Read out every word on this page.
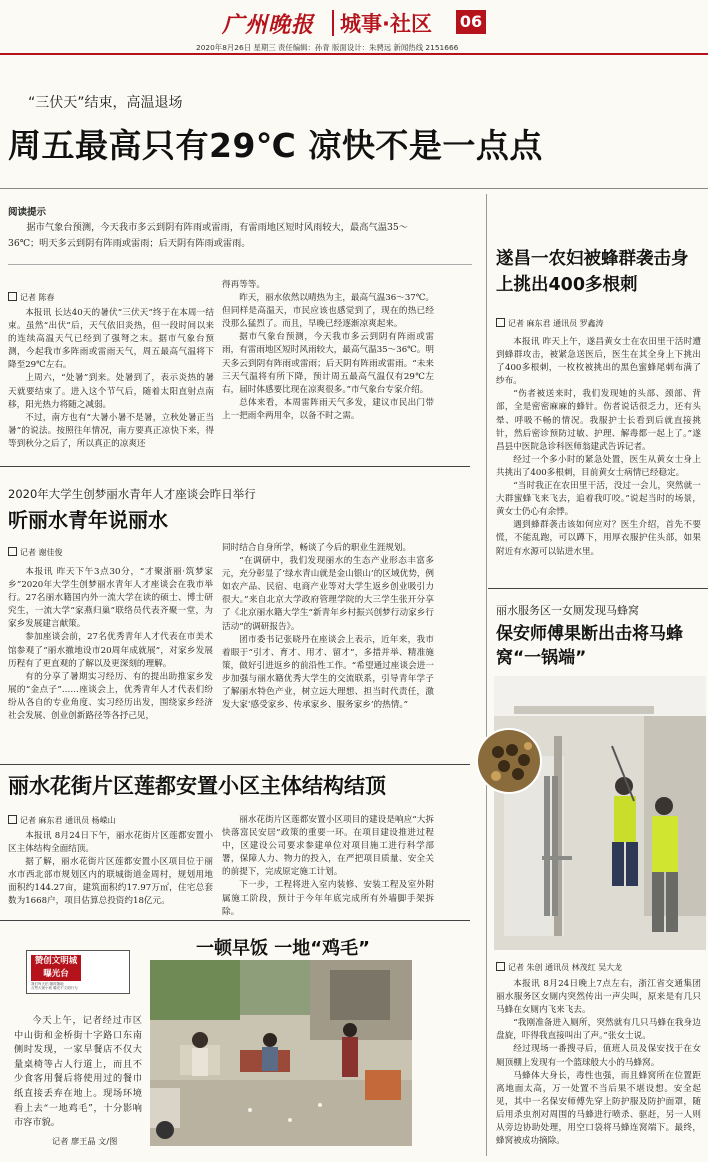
广州晚报 城事·社区 06
2020年8月26日 星期三 责任编辑：孙青 版面设计：朱骋远 新闻热线 2151666
“三伏天”结束，高温退场
周五最高只有29℃ 凉快不是一点点
阅读提示
据市气象台预测，今天我市多云到阴有阵雨或雷雨，有雷雨地区短时风雨较大，最高气温35～36℃；明天多云到阴有阵雨或雷雨；后天阴有阵雨或雷雨。
记者 陈春

本报讯 长达40天的暑伏“三伏天”终于在本周一结束。虽然“出伏”后，天气依旧炎热，但一段时间以来的连续高温天气已经到了强弩之末。据市气象台预测，今起我市多阵雨或雷雨天气，周五最高气温将下降至29℃左右。

上周六，“处暑”到来。处暑到了，表示炎热的暑天就要结束了。进入这个节气后，随着太阳直射点南移，阳光热力将随之减弱。

不过，南方也有“大暑小暑不是暑，立秋处暑正当暑”的说法。按照往年情况，南方要真正凉快下来，得等到秋分之后了，所以真正的凉爽还

得再等等。

昨天，丽水依然以晴热为主，最高气温36～37℃。但同样是高温天，市民应该也感觉到了，现在的热已经没那么猛烈了。而且，早晚已经逐渐凉爽起来。

据市气象台预测，今天我市多云到阴有阵雨或雷雨，有雷雨地区短时风雨较大，最高气温35～36℃。明天多云到阴有阵雨或雷雨；后天阴有阵雨或雷雨。“未来三天气温将有所下降，预计周五最高气温仅有29℃左右，届时体感要比现在凉爽很多。”市气象台专家介绍。

总体来看，本周雷阵雨天气多发，建议市民出门带上一把雨伞两用伞，以备不时之需。

2020年大学生创梦丽水青年人才座谈会昨日举行
听丽水青年说丽水
记者 谢佳俊

本报讯 昨天下午3点30分，“才聚浙丽·筑梦家乡”2020年大学生创梦丽水青年人才座谈会在我市举行。27名丽水籍国内外一流大学在读的硕士、博士研究生，一流大学“家燕归巢”联络员代表齐聚一堂，为家乡发展建言献策。

参加座谈会前，27名优秀青年人才代表在市美术馆参观了“丽水撤地设市20周年成就展”，对家乡发展历程有了更直观的了解以及更深刻的理解。

有的分享了暑期实习经历、有的提出助推家乡发展的“金点子”……座谈会上，优秀青年人才代表们纷纷从各自的专业角度、实习经历出发，围绕家乡经济社会发展、创业创新路径等各抒己见，

同时结合自身所学，畅谈了今后的职业生涯规划。

“在调研中，我们发现丽水的生态产业形态丰富多元，充分彰显了‘绿水青山就是金山银山’的区域优势，例如农产品、民宿、电商产业等对大学生返乡创业吸引力很大。”来自北京大学政府管理学院的大三学生张开分享了《北京丽水籍大学生“新青年乡村振兴创梦行动家乡行活动”的调研报告》。

团市委书记张晓丹在座谈会上表示，近年来，我市着眼于“引才、育才、用才、留才”，多措并举、精准施策，做好引进返乡的前沿性工作。“希望通过座谈会进一步加强与丽水籍优秀大学生的交流联系，引导青年学子了解丽水特色产业，树立远大理想、担当时代责任，激发大家‘感受家乡、传承家乡、服务家乡’的热情。”

丽水花街片区莲都安置小区主体结构结顶
记者 麻东君 通讯员 杨嵘山

本报讯 8月24日下午，丽水花街片区莲都安置小区主体结构全面结顶。

据了解，丽水花街片区莲都安置小区项目位于丽水市西北部市规划区内的联城街道金周村，规划用地面积约144.27亩，建筑面积约17.97万㎡，住宅总套数为1668户，项目估算总投资约18亿元。

丽水花街片区莲都安置小区项目的建设是响应“大拆快落富民安居”政策的重要一环。在项目建设推进过程中，区建设公司要求参建单位对项目施工进行科学部署，保障人力、物力的投入，在严把项目质量、安全关的前提下，完成原定施工计划。

下一步，工程将进入室内装修、安装工程及室外附属施工阶段，预计于今年年底完成所有外墙脚手架拆除。

赞创文明城曝光台
我们每天拍 随时随地
点赞大街小巷 曝光不文明行为
一顿早饭 一地“鸡毛”

今天上午，记者经过市区中山街和金桥街十字路口东南侧时发现，一家早餐店不仅大量桌椅等占人行道上，而且不少食客用餐后将使用过的餐巾纸直接丢弃在地上。现场环境看上去“一地鸡毛”，十分影响市容市貌。

记者 廖王晶 文/图
遂昌一农妇被蜂群袭击身上挑出400多根刺
记者 麻东君 通讯员 罗鑫涛

本报讯 昨天上午，遂昌黄女士在农田里干活时遭到蜂群攻击，被紧急送医后，医生在其全身上下挑出了400多根刺，一枚枚被挑出的黑色蜜蜂尾刺布满了纱布。

“伤者被送来时，我们发现她的头部、颈部、背部，全是密密麻麻的蜂针。伤者说话很乏力，还有头晕、呼吸不畅的情况。我服护士长看到后就直接挑针，然后密诊预防过敏、护理、解毒都一起上了。”遂昌县中医院急诊科医师翁建武告诉记者。

经过一个多小时的紧急处置，医生从黄女士身上共挑出了400多根刺，目前黄女士病情已经稳定。

“当时我正在农田里干活，没过一会儿，突然就一大群蜜蜂飞来飞去，追着我叮咬。”说起当时的场景，黄女士仍心有余悸。

遇到蜂群袭击该如何应对？医生介绍，首先不要慌，不能乱跑，可以蹲下，用厚衣服护住头部，如果附近有水源可以钻进水里。

丽水服务区一女厕发现马蜂窝
保安师傅果断出击将马蜂窝“一锅端”
记者 朱创 通讯员 林茂红 吴大龙

本报讯 8月24日晚上7点左右，浙江省交通集团丽水服务区女厕内突然传出一声尖叫，原来是有几只马蜂在女厕内飞来飞去。

“我刚准备进入厕所，突然就有几只马蜂在我身边盘旋，吓得我直接叫出了声。”张女士说。

经过现场一番搜寻后，值班人员及保安找于在女厕顶棚上发现有一个篮球般大小的马蜂窝。

马蜂体大身长，毒性也强，而且蜂窝所在位置距离地面太高，万一处置不当后果不堪设想。安全起见，其中一名保安师傅先穿上防护服及防护面罩，随后用杀虫剂对周围的马蜂进行喷杀、驱赶，另一人则从旁边协助处理，用空口袋将马蜂连窝端下。最终，蜂窝被成功摘除。
